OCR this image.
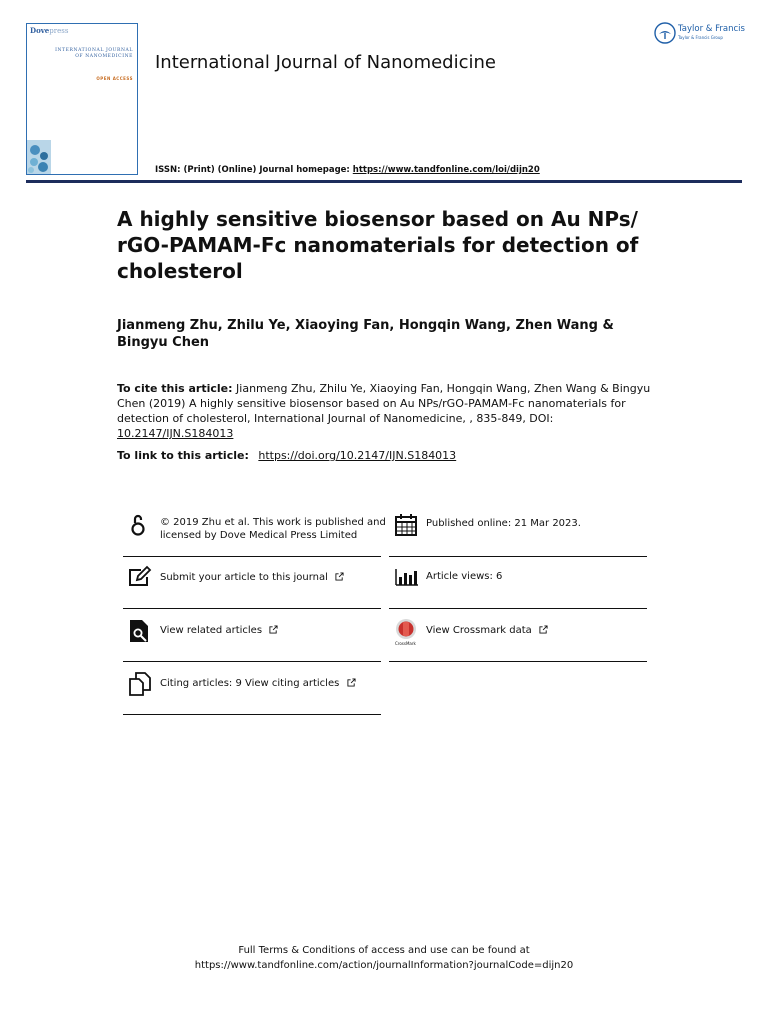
Dovepress
INTERNATIONAL JOURNAL
OF NANOMEDICINE
OPEN ACCESS
International Journal of Nanomedicine
ISSN: (Print) (Online) Journal homepage: https://www.tandfonline.com/loi/dijn20
Taylor & Francis
Taylor & Francis Group
A highly sensitive biosensor based on Au NPs/ rGO-PAMAM-Fc nanomaterials for detection of cholesterol
Jianmeng Zhu, Zhilu Ye, Xiaoying Fan, Hongqin Wang, Zhen Wang & Bingyu Chen
To cite this article: Jianmeng Zhu, Zhilu Ye, Xiaoying Fan, Hongqin Wang, Zhen Wang & Bingyu Chen (2019) A highly sensitive biosensor based on Au NPs/rGO-PAMAM-Fc nanomaterials for detection of cholesterol, International Journal of Nanomedicine, , 835-849, DOI: 10.2147/IJN.S184013
To link to this article: https://doi.org/10.2147/IJN.S184013
© 2019 Zhu et al. This work is published and
licensed by Dove Medical Press Limited
Published online: 21 Mar 2023.
Submit your article to this journal	Article views: 6
View related articles
CrossMark
View Crossmark data
Citing articles: 9 View citing articles
Full Terms & Conditions of access and use can be found at
https://www.tandfonline.com/action/journalInformation?journalCode=dijn20
